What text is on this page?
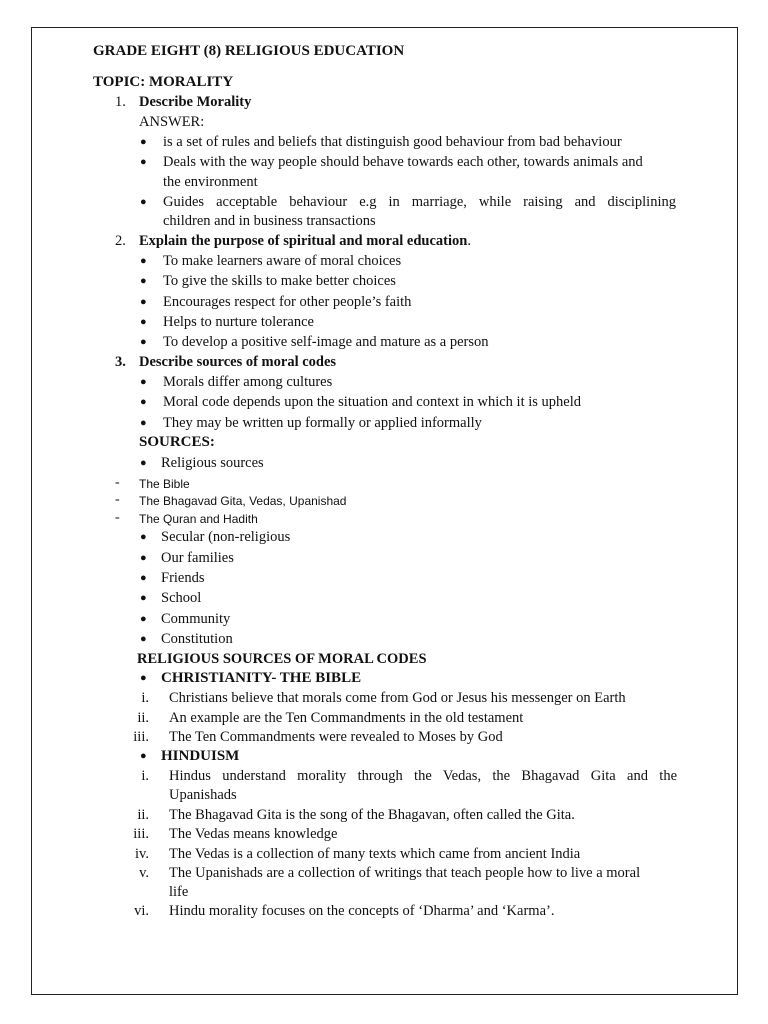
GRADE EIGHT (8) RELIGIOUS EDUCATION
TOPIC: MORALITY
1. Describe Morality
ANSWER:
● is a set of rules and beliefs that distinguish good behaviour from bad behaviour
● Deals with the way people should behave towards each other, towards animals and
the environment
● Guides acceptable behaviour e.g in marriage, while raising and disciplining
children and in business transactions
2. Explain the purpose of spiritual and moral education.
● To make learners aware of moral choices
● To give the skills to make better choices
● Encourages respect for other people’s faith
● Helps to nurture tolerance
● To develop a positive self-image and mature as a person
3. Describe sources of moral codes
● Morals differ among cultures
● Moral code depends upon the situation and context in which it is upheld
● They may be written up formally or applied informally
SOURCES:
● Religious sources
- The Bible
- The Bhagavad Gita, Vedas, Upanishad
- The Quran and Hadith
● Secular (non-religious
● Our families
● Friends
● School
● Community
● Constitution
RELIGIOUS SOURCES OF MORAL CODES
● CHRISTIANITY- THE BIBLE
i. Christians believe that morals come from God or Jesus his messenger on Earth
ii. An example are the Ten Commandments in the old testament
iii. The Ten Commandments were revealed to Moses by God
● HINDUISM
i. Hindus understand morality through the Vedas, the Bhagavad Gita and the
Upanishads
ii. The Bhagavad Gita is the song of the Bhagavan, often called the Gita.
iii. The Vedas means knowledge
iv. The Vedas is a collection of many texts which came from ancient India
v. The Upanishads are a collection of writings that teach people how to live a moral
life
vi. Hindu morality focuses on the concepts of ‘Dharma’ and ‘Karma’.
